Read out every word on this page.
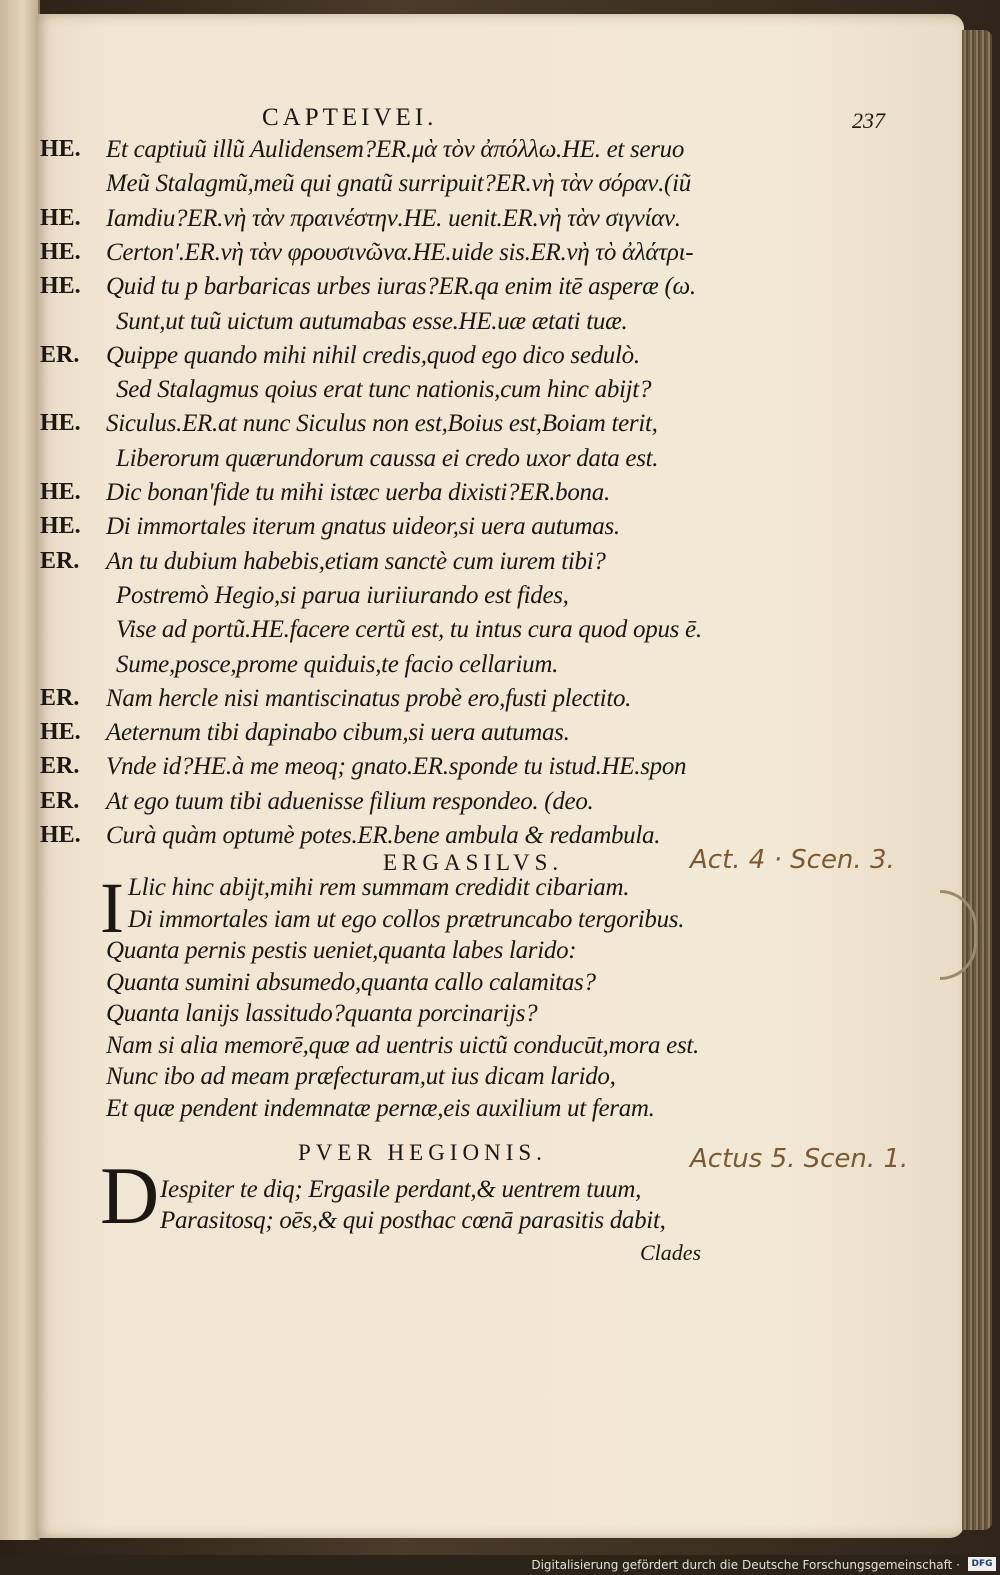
CAPTEIVEI.	237
HE.	Et captiuũ illũ Aulidensem?ER.μὰ τὸν ἀπόλλω.HE. et seruo
Meũ Stalagmũ,meũ qui gnatũ surripuit?ER.νὴ τὰν σόραν.(iũ
HE.	Iamdiu?ER.νὴ τὰν πραινέστην.HE. uenit.ER.νὴ τὰν σιγνίαν.
HE.	Certon'.ER.νὴ τὰν φρουσινῶνα.HE.uide sis.ER.νὴ τὸ ἀλάτρι-
HE.	Quid tu p barbaricas urbes iuras?ER.qa enim itē asperæ (ω.
Sunt,ut tuũ uictum autumabas esse.HE.uæ ætati tuæ.
ER.	Quippe quando mihi nihil credis,quod ego dico sedulò.
Sed Stalagmus qoius erat tunc nationis,cum hinc abijt?
HE.	Siculus.ER.at nunc Siculus non est,Boius est,Boiam terit,
Liberorum quærundorum caussa ei credo uxor data est.
HE.	Dic bonan'fide tu mihi istæc uerba dixisti?ER.bona.
HE.	Di immortales iterum gnatus uideor,si uera autumas.
ER.	An tu dubium habebis,etiam sanctè cum iurem tibi?
Postremò Hegio,si parua iuriiurando est fides,
Vise ad portũ.HE.facere certũ est, tu intus cura quod opus ē.
Sume,posce,prome quiduis,te facio cellarium.
ER.	Nam hercle nisi mantiscinatus probè ero,fusti plectito.
HE.	Aeternum tibi dapinabo cibum,si uera autumas.
ER.	Vnde id?HE.à me meoq; gnato.ER.sponde tu istud.HE.spon
ER.	At ego tuum tibi aduenisse filium respondeo. (deo.
HE.	Curà quàm optumè potes.ER.bene ambula & redambula.
ERGASILVS.	Act. 4 · Scen. 3.
I Llic hinc abijt,mihi rem summam credidit cibariam.
Di immortales iam ut ego collos prætruncabo tergoribus.
Quanta pernis pestis ueniet,quanta labes larido:
Quanta sumini absumedo,quanta callo calamitas?
Quanta lanijs lassitudo?quanta porcinarijs?
Nam si alia memorē,quæ ad uentris uictũ conducūt,mora est.
Nunc ibo ad meam præfecturam,ut ius dicam larido,
Et quæ pendent indemnatæ pernæ,eis auxilium ut feram.
PVER HEGIONIS.	Actus 5. Scen. 1.
D Iespiter te diq; Ergasile perdant,& uentrem tuum,
Parasitosq; oēs,& qui posthac cœnā parasitis dabit,
Clades
Digitalisierung gefördert durch die Deutsche Forschungsgemeinschaft ·	DFG
